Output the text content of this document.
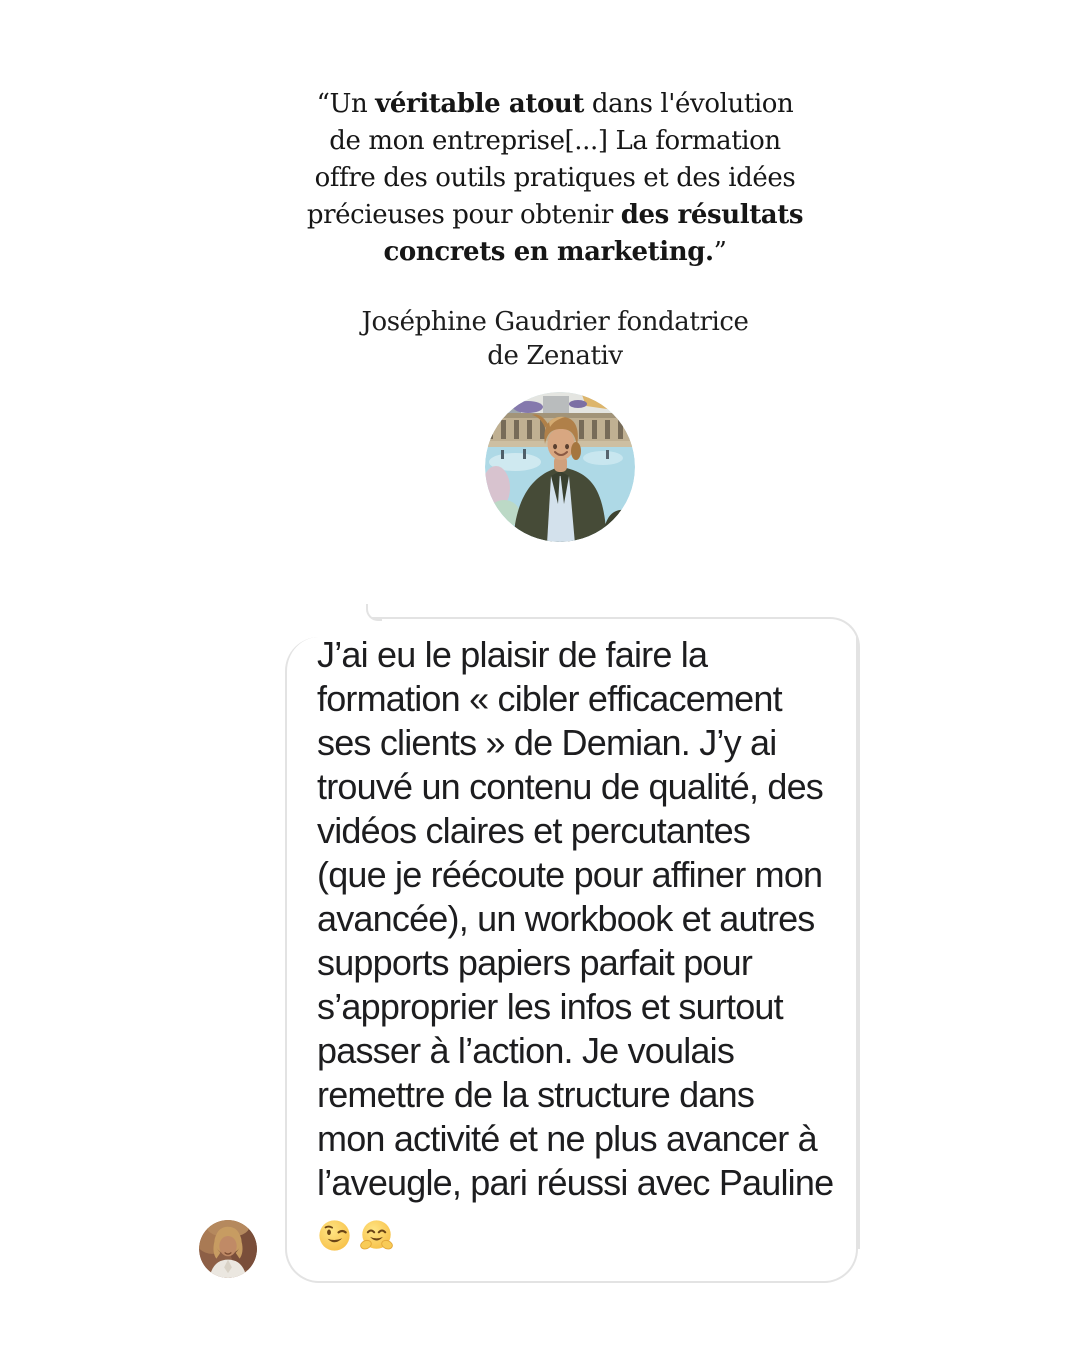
“Un véritable atout dans l'évolution
de mon entreprise[...] La formation
offre des outils pratiques et des idées
précieuses pour obtenir des résultats
concrets en marketing.”
Joséphine Gaudrier fondatrice
de Zenativ
J’ai eu le plaisir de faire la
formation « cibler efficacement
ses clients » de Demian. J’y ai
trouvé un contenu de qualité, des
vidéos claires et percutantes
(que je réécoute pour affiner mon
avancée), un workbook et autres
supports papiers parfait pour
s’approprier les infos et surtout
passer à l’action. Je voulais
remettre de la structure dans
mon activité et ne plus avancer à
l’aveugle, pari réussi avec Pauline
